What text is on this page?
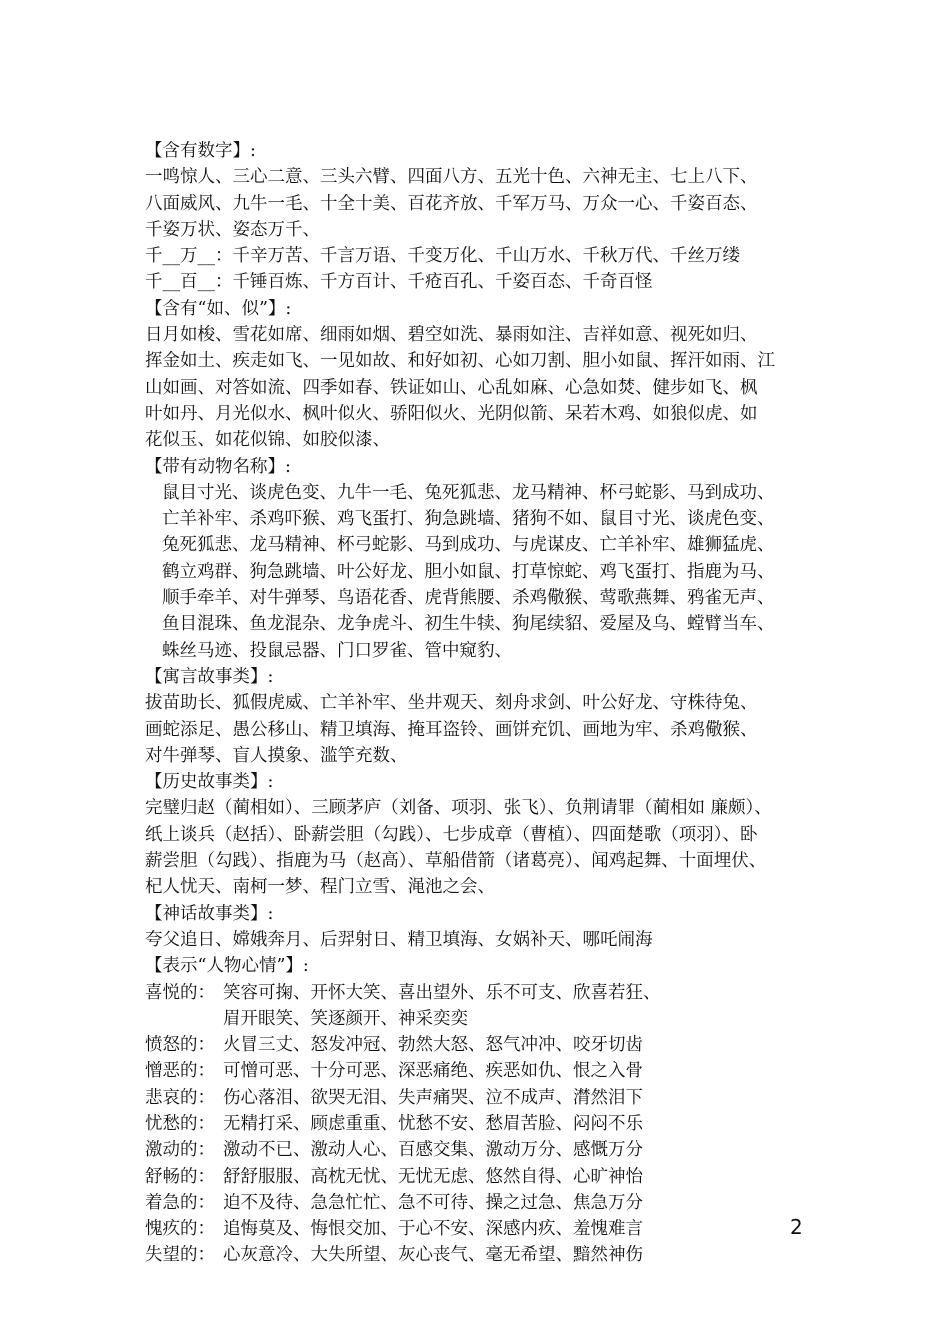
【含有数字】:
一鸣惊人、三心二意、三头六臂、四面八方、五光十色、六神无主、七上八下、
八面威风、九牛一毛、十全十美、百花齐放、千军万马、万众一心、千姿百态、
千姿万状、姿态万千、
千__万__：千辛万苦、千言万语、千变万化、千山万水、千秋万代、千丝万缕
千__百__：千锤百炼、千方百计、千疮百孔、千姿百态、千奇百怪
【含有“如、似”】:
日月如梭、雪花如席、细雨如烟、碧空如洗、暴雨如注、吉祥如意、视死如归、
挥金如土、疾走如飞、一见如故、和好如初、心如刀割、胆小如鼠、挥汗如雨、江
山如画、对答如流、四季如春、铁证如山、心乱如麻、心急如焚、健步如飞、枫
叶如丹、月光似水、枫叶似火、骄阳似火、光阴似箭、呆若木鸡、如狼似虎、如
花似玉、如花似锦、如胶似漆、
【带有动物名称】:
鼠目寸光、谈虎色变、九牛一毛、兔死狐悲、龙马精神、杯弓蛇影、马到成功、
亡羊补牢、杀鸡吓猴、鸡飞蛋打、狗急跳墙、猪狗不如、鼠目寸光、谈虎色变、
兔死狐悲、龙马精神、杯弓蛇影、马到成功、与虎谋皮、亡羊补牢、雄狮猛虎、
鹤立鸡群、狗急跳墙、叶公好龙、胆小如鼠、打草惊蛇、鸡飞蛋打、指鹿为马、
顺手牵羊、对牛弹琴、鸟语花香、虎背熊腰、杀鸡儆猴、莺歌燕舞、鸦雀无声、
鱼目混珠、鱼龙混杂、龙争虎斗、初生牛犊、狗尾续貂、爱屋及乌、螳臂当车、
蛛丝马迹、投鼠忌器、门口罗雀、管中窥豹、
【寓言故事类】:
拔苗助长、狐假虎威、亡羊补牢、坐井观天、刻舟求剑、叶公好龙、守株待兔、
画蛇添足、愚公移山、精卫填海、掩耳盗铃、画饼充饥、画地为牢、杀鸡儆猴、
对牛弹琴、盲人摸象、滥竽充数、
【历史故事类】:
完璧归赵（蔺相如）、三顾茅庐（刘备、项羽、张飞）、负荆请罪（蔺相如 廉颇）、
纸上谈兵（赵括）、卧薪尝胆（勾践）、七步成章（曹植）、四面楚歌（项羽）、卧
薪尝胆（勾践）、指鹿为马（赵高）、草船借箭（诸葛亮）、闻鸡起舞、十面埋伏、
杞人忧天、南柯一梦、程门立雪、渑池之会、
【神话故事类】:
夸父追日、嫦娥奔月、后羿射日、精卫填海、女娲补天、哪吒闹海
【表示“人物心情”】:
喜悦的： 笑容可掬、开怀大笑、喜出望外、乐不可支、欣喜若狂、
眉开眼笑、笑逐颜开、神采奕奕
愤怒的： 火冒三丈、怒发冲冠、勃然大怒、怒气冲冲、咬牙切齿
憎恶的： 可憎可恶、十分可恶、深恶痛绝、疾恶如仇、恨之入骨
悲哀的： 伤心落泪、欲哭无泪、失声痛哭、泣不成声、潸然泪下
忧愁的： 无精打采、顾虑重重、忧愁不安、愁眉苦脸、闷闷不乐
激动的： 激动不已、激动人心、百感交集、激动万分、感慨万分
舒畅的： 舒舒服服、高枕无忧、无忧无虑、悠然自得、心旷神怡
着急的： 迫不及待、急急忙忙、急不可待、操之过急、焦急万分
愧疚的： 追悔莫及、悔恨交加、于心不安、深感内疚、羞愧难言
失望的： 心灰意冷、大失所望、灰心丧气、毫无希望、黯然神伤
2
